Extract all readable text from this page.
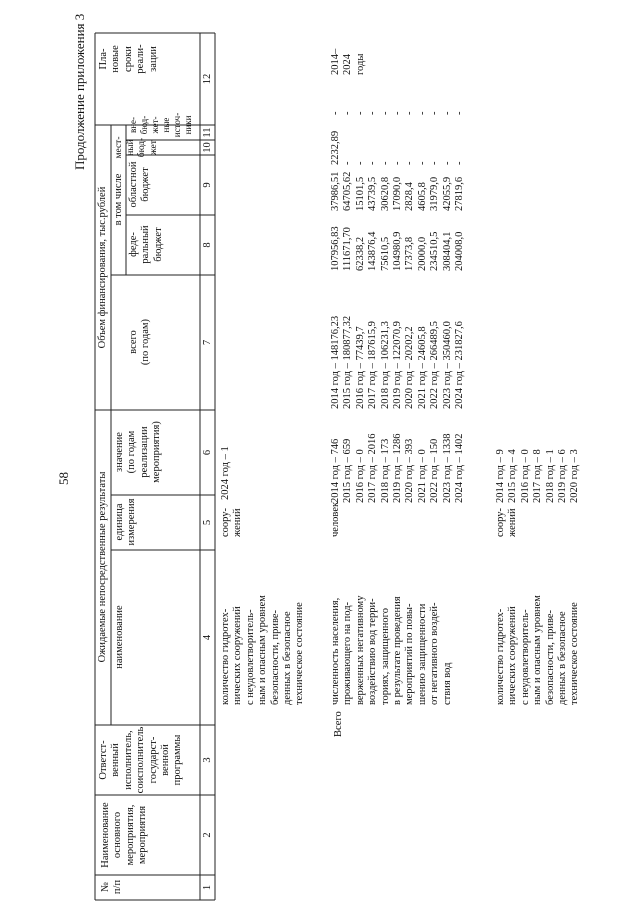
58
Продолжение приложения 3
№
п/п
Наименование
основного
мероприятия,
мероприятия
Ответст-
венный
исполнитель,
соисполнитель
государст-
венной
программы
Ожидаемые непосредственные результаты наименование
единица
измерения
значение
(по годам
реализации
мероприятия)
Объем финансирования, тыс.рублей всего
(по годам)
в том числе
феде-
ральный
бюджет
областной
бюджет
мест- ный бюд- жет
вне-
бюд-
жет-
ные
источ-
ники
Пла-
новые
сроки
реали-
зации
1
2
3
4
5
6
7
8
9
10
11
12
количество гидротех-
нических сооружений
с неудовлетворитель-
ным и опасным уровнем
безопасности, приве-
денных в безопасное
техническое состояние
соору-
жений
2024 год – 1
Всего
численность населения,
проживающего на под-
верженных негативному
воздействию вод терри-
ториях, защищенного
в результате проведения
мероприятий по повы-
шению защищенности
от негативного воздей-
ствия вод
человек
2014 год – 746
2015 год – 659
2016 год – 0
2017 год – 2016
2018 год – 173
2019 год – 1286
2020 год – 393
2021 год – 0
2022 год – 150
2023 год – 1338
2024 год – 1402
2014 год – 148176,23
2015 год – 180877,32
2016 год – 77439,7
2017 год – 187615,9
2018 год – 106231,3
2019 год – 122070,9
2020 год – 20202,2
2021 год – 24605,8
2022 год – 266489,5
2023 год – 350460,0
2024 год – 231827,6
107956,83
111671,70
62338,2
143876,4
75610,5
104980,9
17373,8
20000,0
234510,5
308404,1
204008,0
37986,51
64705,62
15101,5
43739,5
30620,8
17090,0
2828,4
4605,8
31979,0
42055,9
27819,6
2232,89
-
-
-
-
-
-
-
-
-
-
-
-
-
-
-
-
-
-
-
-
-
2014–
2024
годы
количество гидротех-
нических сооружений
с неудовлетворитель-
ным и опасным уровнем
безопасности, приве-
денных в безопасное
техническое состояние
соору-
жений
2014 год – 9
2015 год – 4
2016 год – 0
2017 год – 8
2018 год – 1
2019 год – 6
2020 год – 3
